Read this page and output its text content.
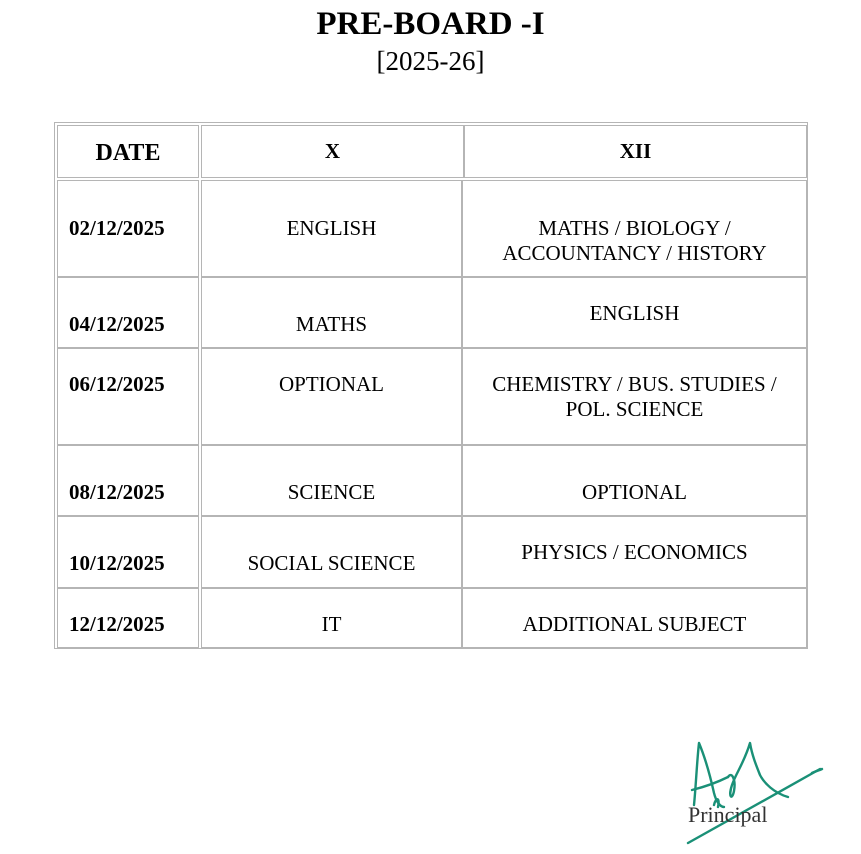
PRE-BOARD -I
[2025-26]
DATE	X	XII
02/12/2025	ENGLISH	MATHS / BIOLOGY /
ACCOUNTANCY / HISTORY
04/12/2025	MATHS	ENGLISH
06/12/2025	OPTIONAL	CHEMISTRY / BUS. STUDIES /
POL. SCIENCE
08/12/2025	SCIENCE	OPTIONAL
10/12/2025	SOCIAL SCIENCE	PHYSICS / ECONOMICS
12/12/2025	IT	ADDITIONAL SUBJECT
Principal
